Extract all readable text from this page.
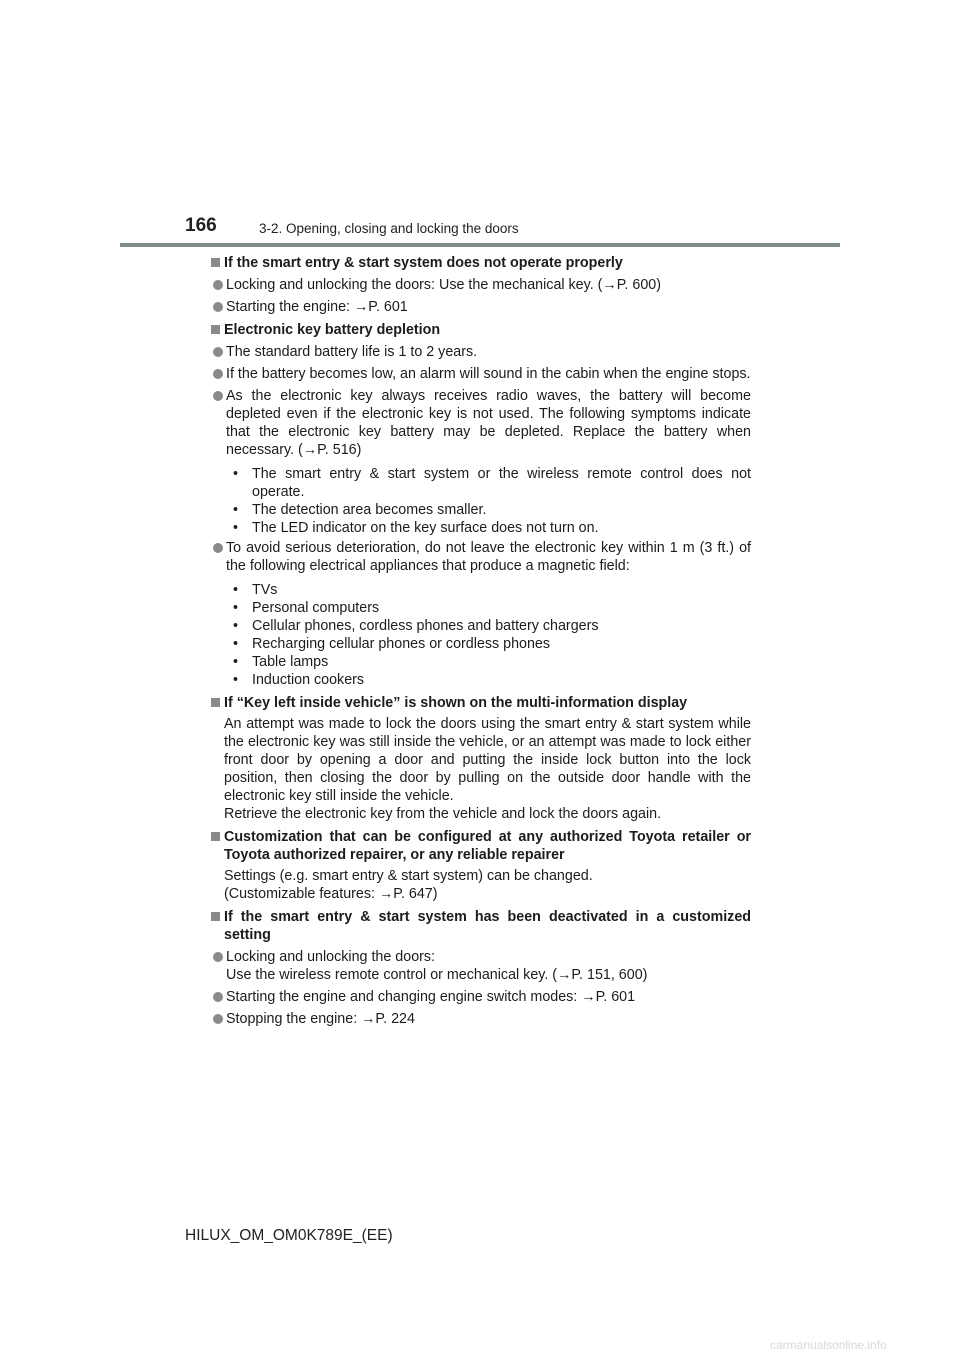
166	3-2. Opening, closing and locking the doors
If the smart entry & start system does not operate properly
Locking and unlocking the doors: Use the mechanical key. (→P. 600)
Starting the engine: →P. 601
Electronic key battery depletion
The standard battery life is 1 to 2 years.
If the battery becomes low, an alarm will sound in the cabin when the engine stops.
As the electronic key always receives radio waves, the battery will become depleted even if the electronic key is not used. The following symptoms indicate that the electronic key battery may be depleted. Replace the battery when necessary. (→P. 516)
• The smart entry & start system or the wireless remote control does not operate.
• The detection area becomes smaller.
• The LED indicator on the key surface does not turn on.
To avoid serious deterioration, do not leave the electronic key within 1 m (3 ft.) of the following electrical appliances that produce a magnetic field:
• TVs
• Personal computers
• Cellular phones, cordless phones and battery chargers
• Recharging cellular phones or cordless phones
• Table lamps
• Induction cookers
If “Key left inside vehicle” is shown on the multi-information display
An attempt was made to lock the doors using the smart entry & start system while the electronic key was still inside the vehicle, or an attempt was made to lock either front door by opening a door and putting the inside lock button into the lock position, then closing the door by pulling on the outside door handle with the electronic key still inside the vehicle.
Retrieve the electronic key from the vehicle and lock the doors again.
Customization that can be configured at any authorized Toyota retailer or Toyota authorized repairer, or any reliable repairer
Settings (e.g. smart entry & start system) can be changed.
(Customizable features: →P. 647)
If the smart entry & start system has been deactivated in a customized setting
Locking and unlocking the doors:
Use the wireless remote control or mechanical key. (→P. 151, 600)
Starting the engine and changing engine switch modes: →P. 601
Stopping the engine: →P. 224
HILUX_OM_OM0K789E_(EE)
carmanualsonline.info
